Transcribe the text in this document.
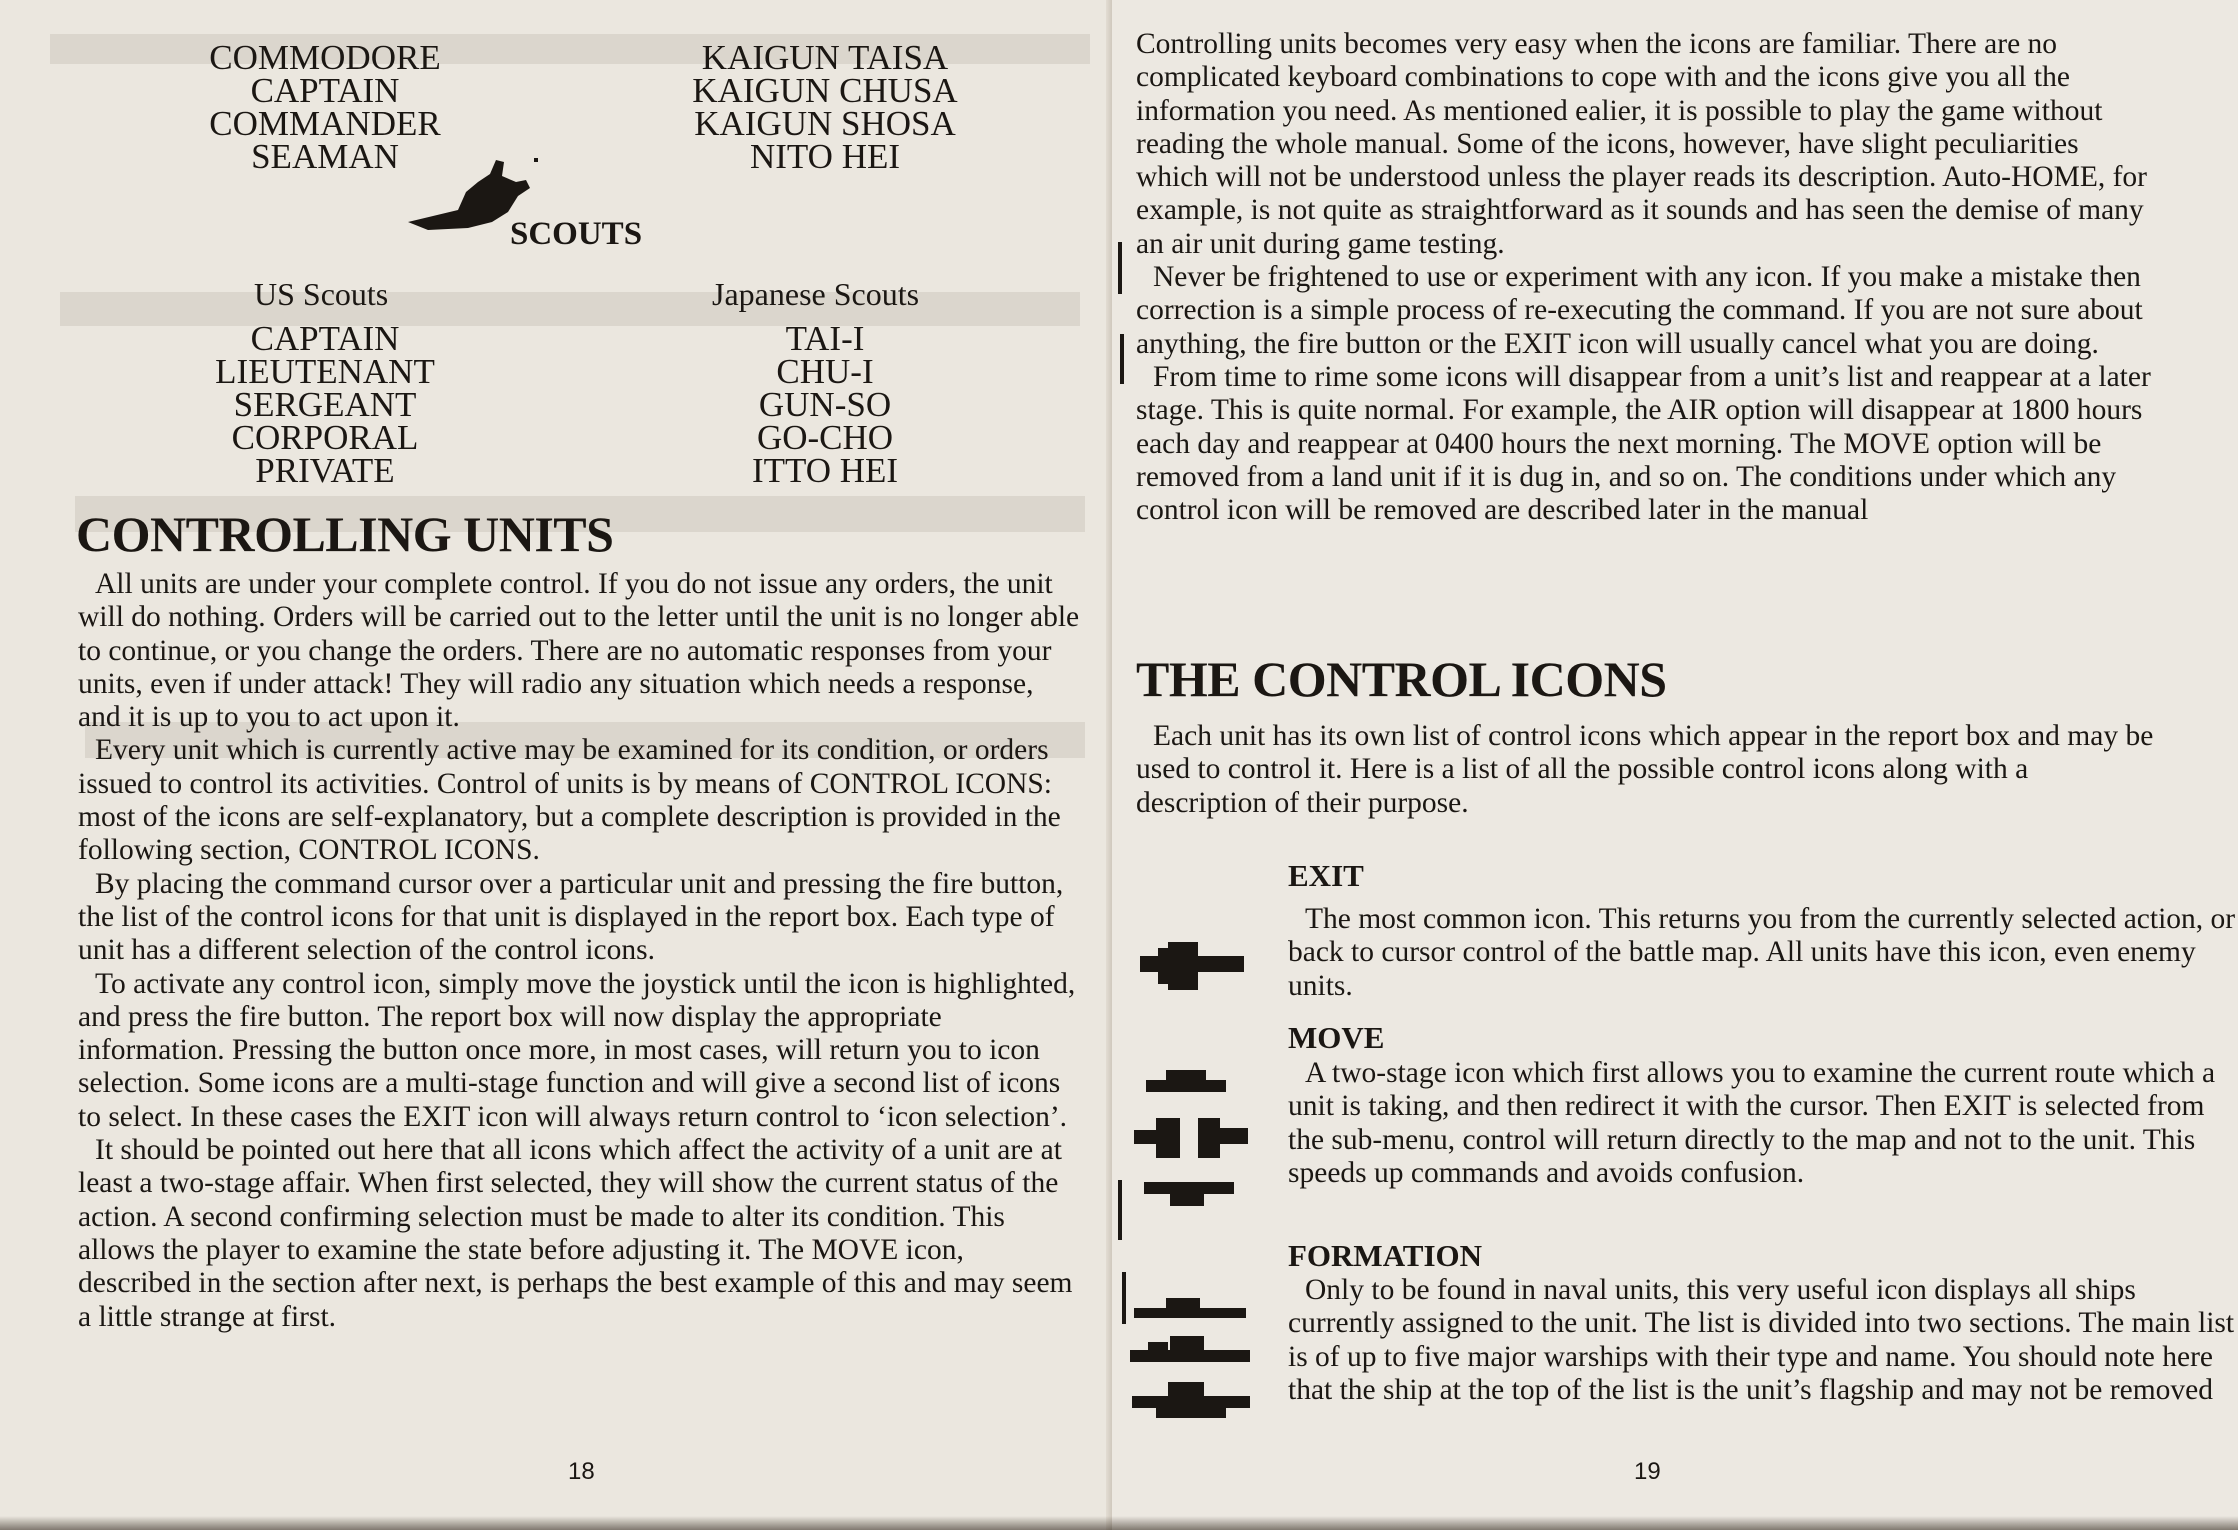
COMMODORE
CAPTAIN
COMMANDER
SEAMAN
KAIGUN TAISA
KAIGUN CHUSA
KAIGUN SHOSA
NITO HEI
SCOUTS
US Scouts	Japanese Scouts
CAPTAIN
LIEUTENANT
SERGEANT
CORPORAL
PRIVATE
TAI-I
CHU-I
GUN-SO
GO-CHO
ITTO HEI
CONTROLLING UNITS

All units are under your complete control. If you do not issue any orders, the unit will do nothing. Orders will be carried out to the letter until the unit is no longer able to continue, or you change the orders. There are no automatic responses from your units, even if under attack! They will radio any situation which needs a response, and it is up to you to act upon it.

Every unit which is currently active may be examined for its condition, or orders issued to control its activities. Control of units is by means of CONTROL ICONS: most of the icons are self-explanatory, but a complete description is provided in the following section, CONTROL ICONS.

By placing the command cursor over a particular unit and pressing the fire button, the list of the control icons for that unit is displayed in the report box. Each type of unit has a different selection of the control icons.

To activate any control icon, simply move the joystick until the icon is highlighted, and press the fire button. The report box will now display the appropriate information. Pressing the button once more, in most cases, will return you to icon selection. Some icons are a multi-stage function and will give a second list of icons to select. In these cases the EXIT icon will always return control to ‘icon selection’.

It should be pointed out here that all icons which affect the activity of a unit are at least a two-stage affair. When first selected, they will show the current status of the action. A second confirming selection must be made to alter its condition. This allows the player to examine the state before adjusting it. The MOVE icon, described in the section after next, is perhaps the best example of this and may seem a little strange at first.

18

Controlling units becomes very easy when the icons are familiar. There are no complicated keyboard combinations to cope with and the icons give you all the information you need. As mentioned ealier, it is possible to play the game without reading the whole manual. Some of the icons, however, have slight peculiarities which will not be understood unless the player reads its description. Auto-HOME, for example, is not quite as straightforward as it sounds and has seen the demise of many an air unit during game testing.

Never be frightened to use or experiment with any icon. If you make a mistake then correction is a simple process of re-executing the command. If you are not sure about anything, the fire button or the EXIT icon will usually cancel what you are doing.

From time to rime some icons will disappear from a unit’s list and reappear at a later stage. This is quite normal. For example, the AIR option will disappear at 1800 hours each day and reappear at 0400 hours the next morning. The MOVE option will be removed from a land unit if it is dug in, and so on. The conditions under which any control icon will be removed are described later in the manual

THE CONTROL ICONS

Each unit has its own list of control icons which appear in the report box and may be used to control it. Here is a list of all the possible control icons along with a description of their purpose.

EXIT

The most common icon. This returns you from the currently selected action, or back to cursor control of the battle map. All units have this icon, even enemy units.

MOVE

A two-stage icon which first allows you to examine the current route which a unit is taking, and then redirect it with the cursor. Then EXIT is selected from the sub-menu, control will return directly to the map and not to the unit. This speeds up commands and avoids confusion.

FORMATION

Only to be found in naval units, this very useful icon displays all ships currently assigned to the unit. The list is divided into two sections. The main list is of up to five major warships with their type and name. You should note here that the ship at the top of the list is the unit’s flagship and may not be removed

19
